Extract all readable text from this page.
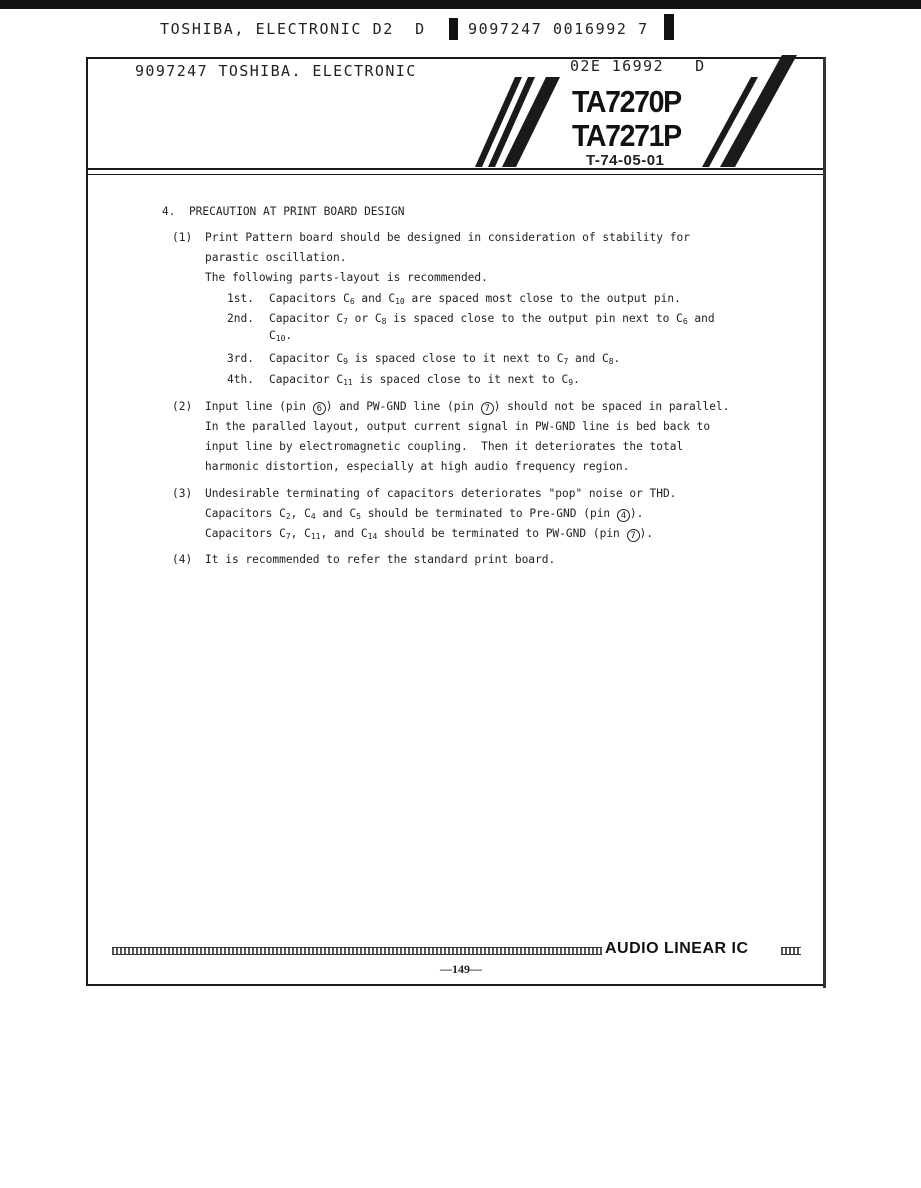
TOSHIBA, ELECTRONIC D2  D	9097247 0016992 7
9097247 TOSHIBA. ELECTRONIC	02E 16992   D
TA7270P
TA7271P
T-74-05-01
4.  PRECAUTION AT PRINT BOARD DESIGN
(1) Print Pattern board should be designed in consideration of stability for
parastic oscillation.
The following parts-layout is recommended.
1st. Capacitors $C_6$ and $C_{10}$ are spaced most close to the output pin.
2nd. Capacitor $C_7$ or $C_8$ is spaced close to the output pin next to $C_6$ and
$C_{10}$.
3rd. Capacitor $C_9$ is spaced close to it next to $C_7$ and $C_8$.
4th. Capacitor $C_{11}$ is spaced close to it next to $C_9$.
(2) Input line (pin 6 ) and PW-GND line (pin 7 ) should not be spaced in parallel.
In the paralled layout, output current signal in PW-GND line is bed back to
input line by electromagnetic coupling.  Then it deteriorates the total
harmonic distortion, especially at high audio frequency region.
(3) Undesirable terminating of capacitors deteriorates "pop" noise or THD.
Capacitors $C_2$, $C_4$ and $C_5$ should be terminated to Pre-GND (pin 4 ).
Capacitors $C_7$, $C_{11}$, and $C_{14}$ should be terminated to PW-GND (pin 7 ).
(4) It is recommended to refer the standard print board.
AUDIO LINEAR IC
—149—
